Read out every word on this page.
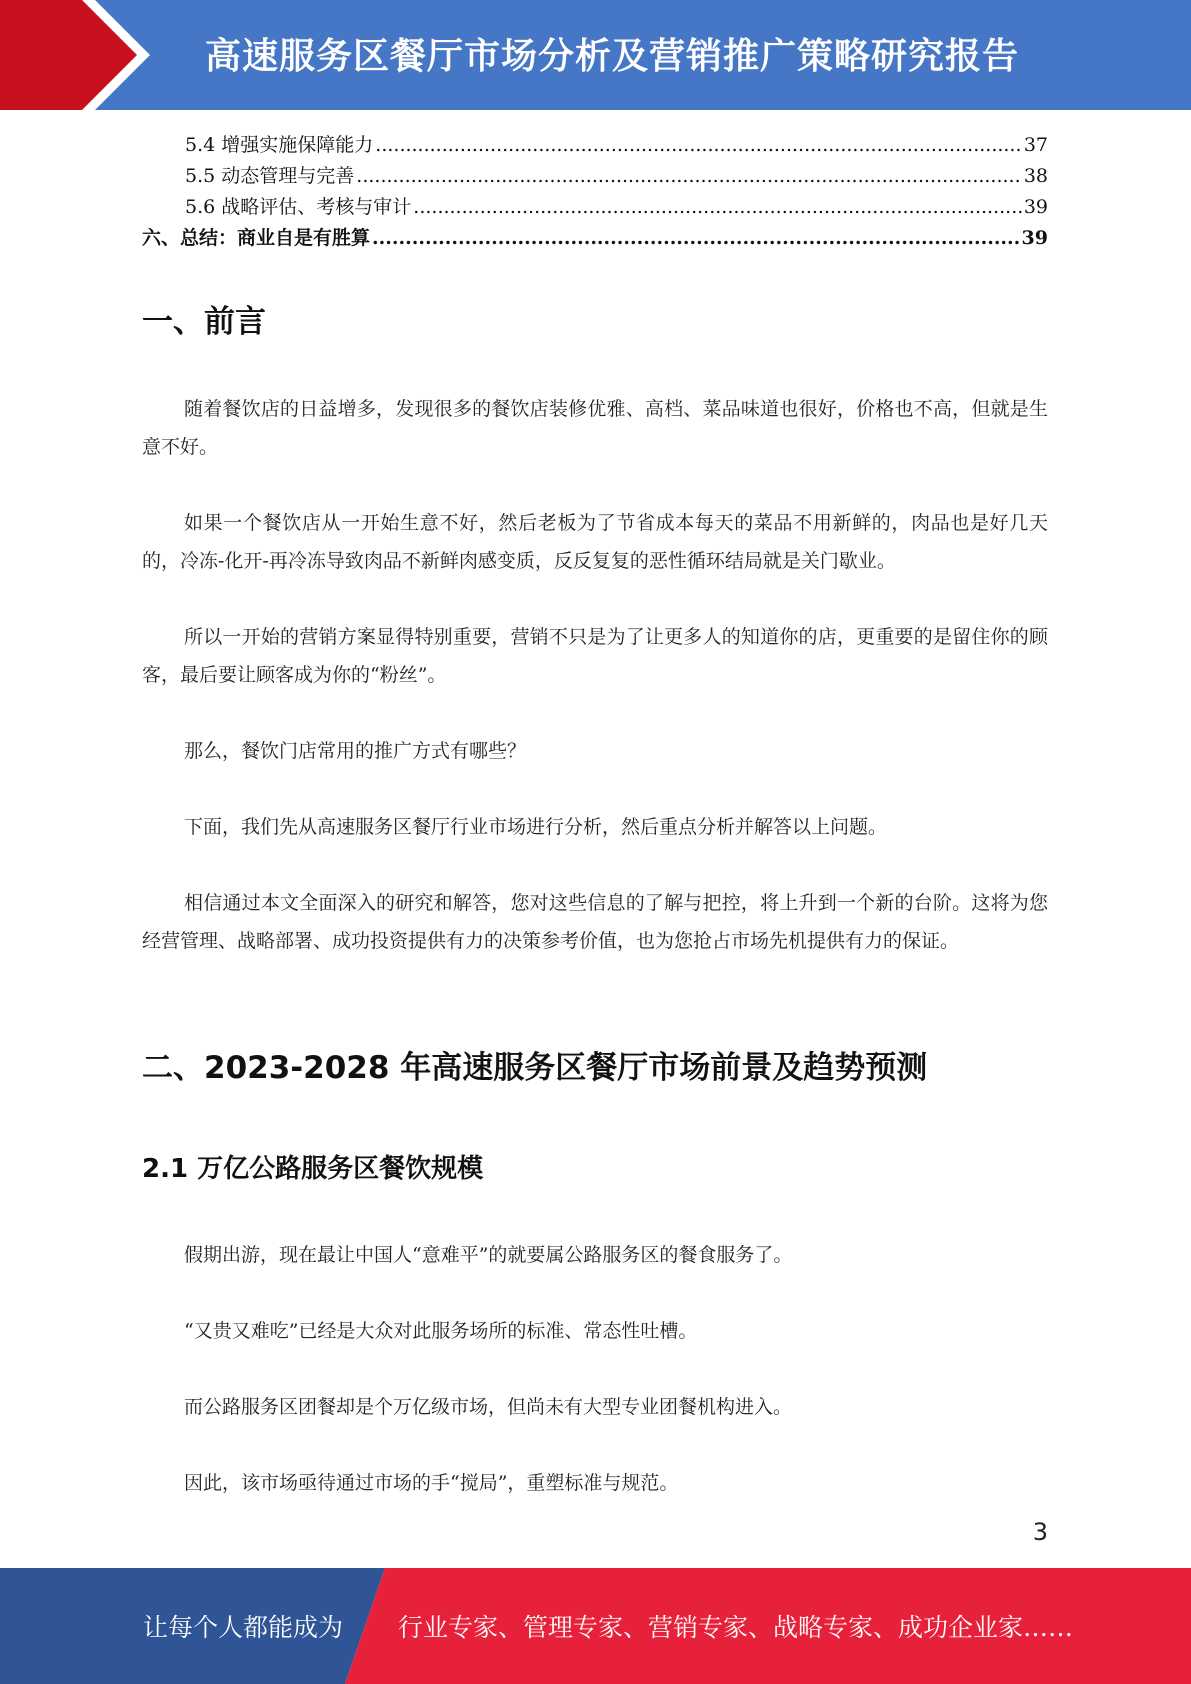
高速服务区餐厅市场分析及营销推广策略研究报告
5.4 增强实施保障能力 .....	37
5.5 动态管理与完善 .....	38
5.6 战略评估、考核与审计 .....	39
六、 总结：商业自是有胜算 .....	39
一、前言
随着餐饮店的日益增多，发现很多的餐饮店装修优雅、高档、菜品味道也很好，价格也不高，但就是生意不好。
如果一个餐饮店从一开始生意不好，然后老板为了节省成本每天的菜品不用新鲜的，肉品也是好几天的，冷冻-化开-再冷冻导致肉品不新鲜肉感变质，反反复复的恶性循环结局就是关门歇业。
所以一开始的营销方案显得特别重要，营销不只是为了让更多人的知道你的店，更重要的是留住你的顾客，最后要让顾客成为你的“粉丝”。
那么，餐饮门店常用的推广方式有哪些？
下面，我们先从高速服务区餐厅行业市场进行分析，然后重点分析并解答以上问题。
相信通过本文全面深入的研究和解答，您对这些信息的了解与把控，将上升到一个新的台阶。这将为您经营管理、战略部署、成功投资提供有力的决策参考价值，也为您抢占市场先机提供有力的保证。
二、2023-2028 年高速服务区餐厅市场前景及趋势预测
2.1 万亿公路服务区餐饮规模
假期出游，现在最让中国人“意难平”的就要属公路服务区的餐食服务了。
“又贵又难吃”已经是大众对此服务场所的标准、常态性吐槽。
而公路服务区团餐却是个万亿级市场，但尚未有大型专业团餐机构进入。
因此，该市场亟待通过市场的手“搅局”，重塑标准与规范。
3
让每个人都能成为 行业专家、管理专家、营销专家、战略专家、成功企业家……
